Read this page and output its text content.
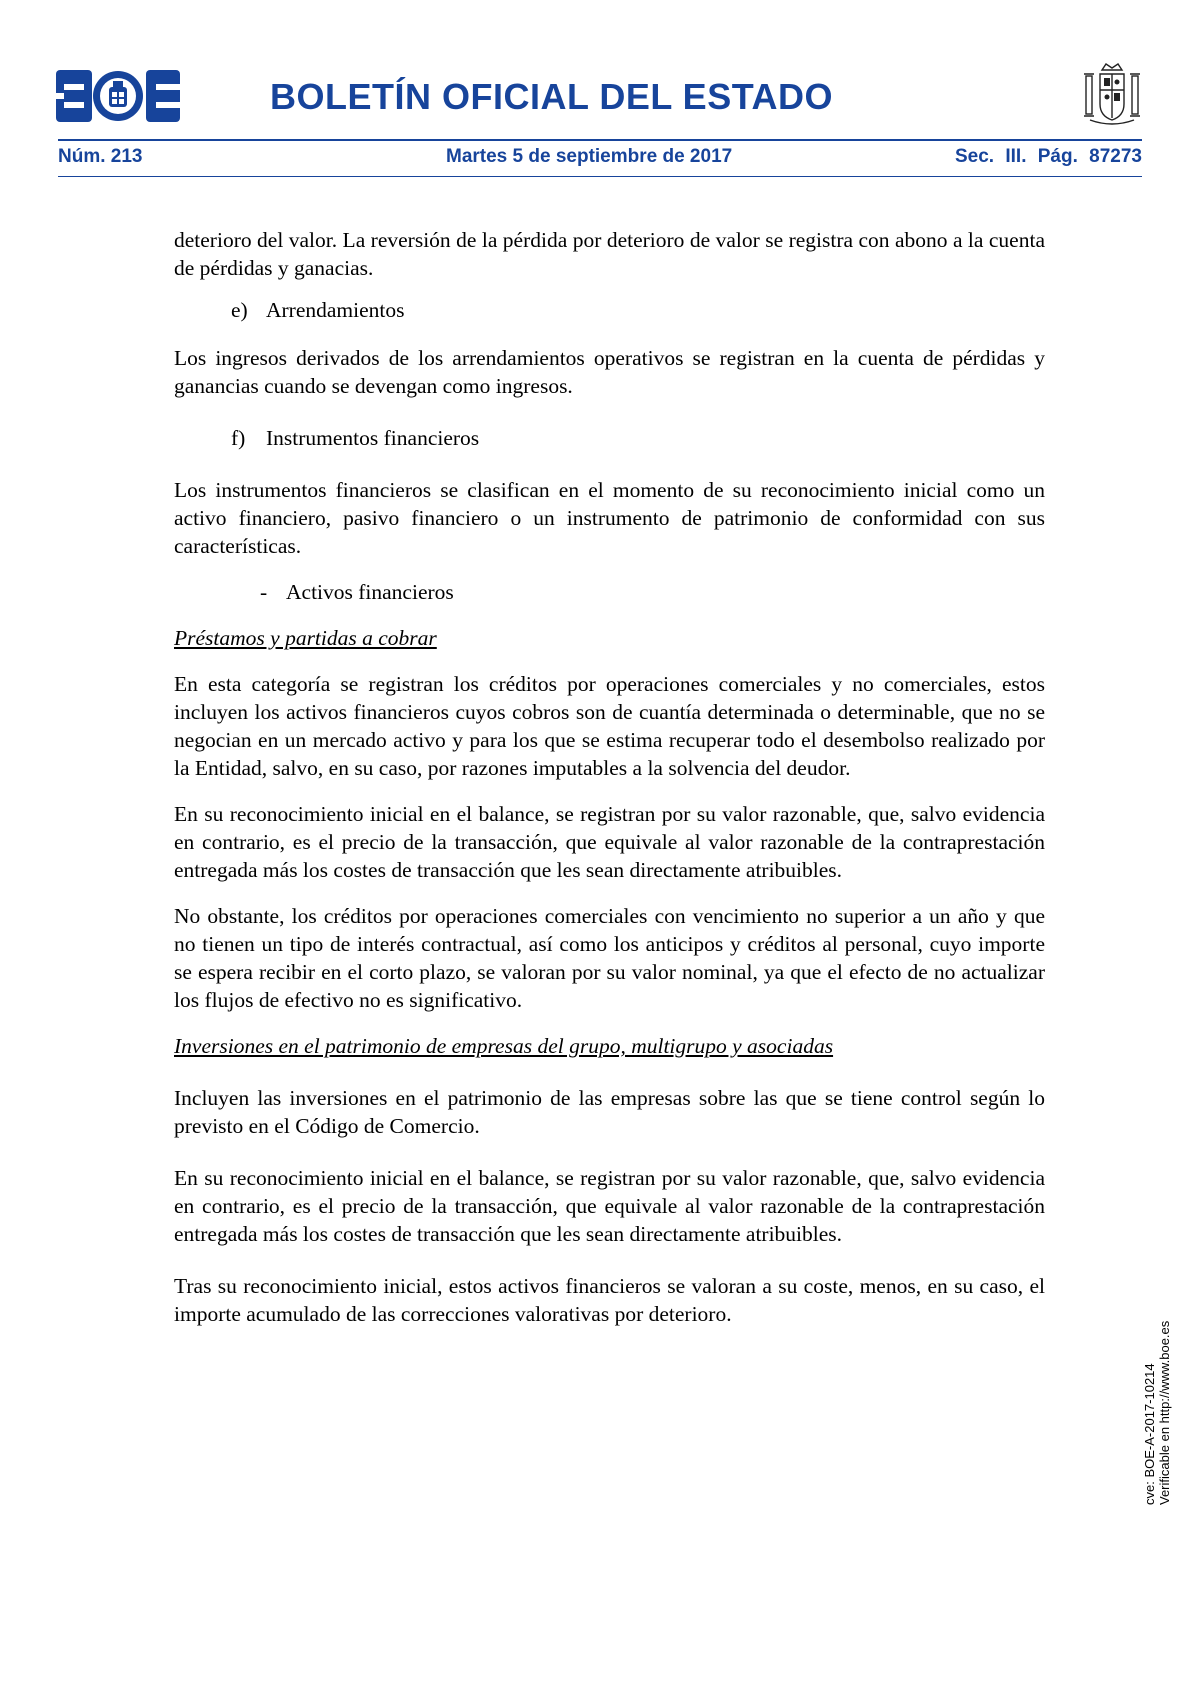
BOLETÍN OFICIAL DEL ESTADO
Núm. 213	Martes 5 de septiembre de 2017	Sec. III. Pág. 87273

deterioro del valor. La reversión de la pérdida por deterioro de valor se registra con abono a la cuenta de pérdidas y ganacias.

e) Arrendamientos

Los ingresos derivados de los arrendamientos operativos se registran en la cuenta de pérdidas y ganancias cuando se devengan como ingresos.

f) Instrumentos financieros

Los instrumentos financieros se clasifican en el momento de su reconocimiento inicial como un activo financiero, pasivo financiero o un instrumento de patrimonio de conformidad con sus características.

- Activos financieros

Préstamos y partidas a cobrar

En esta categoría se registran los créditos por operaciones comerciales y no comerciales, estos incluyen los activos financieros cuyos cobros son de cuantía determinada o determinable, que no se negocian en un mercado activo y para los que se estima recuperar todo el desembolso realizado por la Entidad, salvo, en su caso, por razones imputables a la solvencia del deudor.

En su reconocimiento inicial en el balance, se registran por su valor razonable, que, salvo evidencia en contrario, es el precio de la transacción, que equivale al valor razonable de la contraprestación entregada más los costes de transacción que les sean directamente atribuibles.

No obstante, los créditos por operaciones comerciales con vencimiento no superior a un año y que no tienen un tipo de interés contractual, así como los anticipos y créditos al personal, cuyo importe se espera recibir en el corto plazo, se valoran por su valor nominal, ya que el efecto de no actualizar los flujos de efectivo no es significativo.

Inversiones en el patrimonio de empresas del grupo, multigrupo y asociadas

Incluyen las inversiones en el patrimonio de las empresas sobre las que se tiene control según lo previsto en el Código de Comercio.

En su reconocimiento inicial en el balance, se registran por su valor razonable, que, salvo evidencia en contrario, es el precio de la transacción, que equivale al valor razonable de la contraprestación entregada más los costes de transacción que les sean directamente atribuibles.

Tras su reconocimiento inicial, estos activos financieros se valoran a su coste, menos, en su caso, el importe acumulado de las correcciones valorativas por deterioro.

cve: BOE-A-2017-10214 Verificable en http://www.boe.es
